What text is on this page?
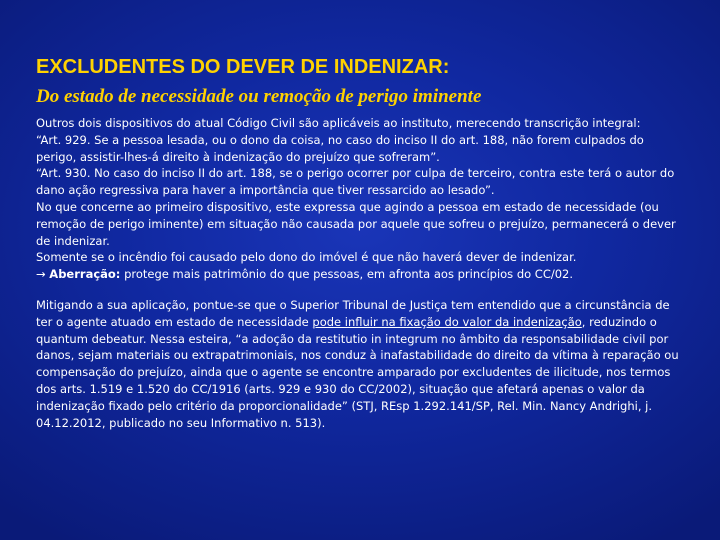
EXCLUDENTES DO DEVER DE INDENIZAR:
Do estado de necessidade ou remoção de perigo iminente

Outros dois dispositivos do atual Código Civil são aplicáveis ao instituto, merecendo transcrição integral:

“Art. 929. Se a pessoa lesada, ou o dono da coisa, no caso do inciso II do art. 188, não forem culpados do perigo, assistir-lhes-á direito à indenização do prejuízo que sofreram”.

“Art. 930. No caso do inciso II do art. 188, se o perigo ocorrer por culpa de terceiro, contra este terá o autor do dano ação regressiva para haver a importância que tiver ressarcido ao lesado”.

No que concerne ao primeiro dispositivo, este expressa que agindo a pessoa em estado de necessidade (ou remoção de perigo iminente) em situação não causada por aquele que sofreu o prejuízo, permanecerá o dever de indenizar.

Somente se o incêndio foi causado pelo dono do imóvel é que não haverá dever de indenizar.

→ Aberração: protege mais patrimônio do que pessoas, em afronta aos princípios do CC/02.

Mitigando a sua aplicação, pontue-se que o Superior Tribunal de Justiça tem entendido que a circunstância de ter o agente atuado em estado de necessidade pode influir na fixação do valor da indenização, reduzindo o quantum debeatur. Nessa esteira, “a adoção da restitutio in integrum no âmbito da responsabilidade civil por danos, sejam materiais ou extrapatrimoniais, nos conduz à inafastabilidade do direito da vítima à reparação ou compensação do prejuízo, ainda que o agente se encontre amparado por excludentes de ilicitude, nos termos dos arts. 1.519 e 1.520 do CC/1916 (arts. 929 e 930 do CC/2002), situação que afetará apenas o valor da indenização fixado pelo critério da proporcionalidade” (STJ, REsp 1.292.141/SP, Rel. Min. Nancy Andrighi, j. 04.12.2012, publicado no seu Informativo n. 513).
